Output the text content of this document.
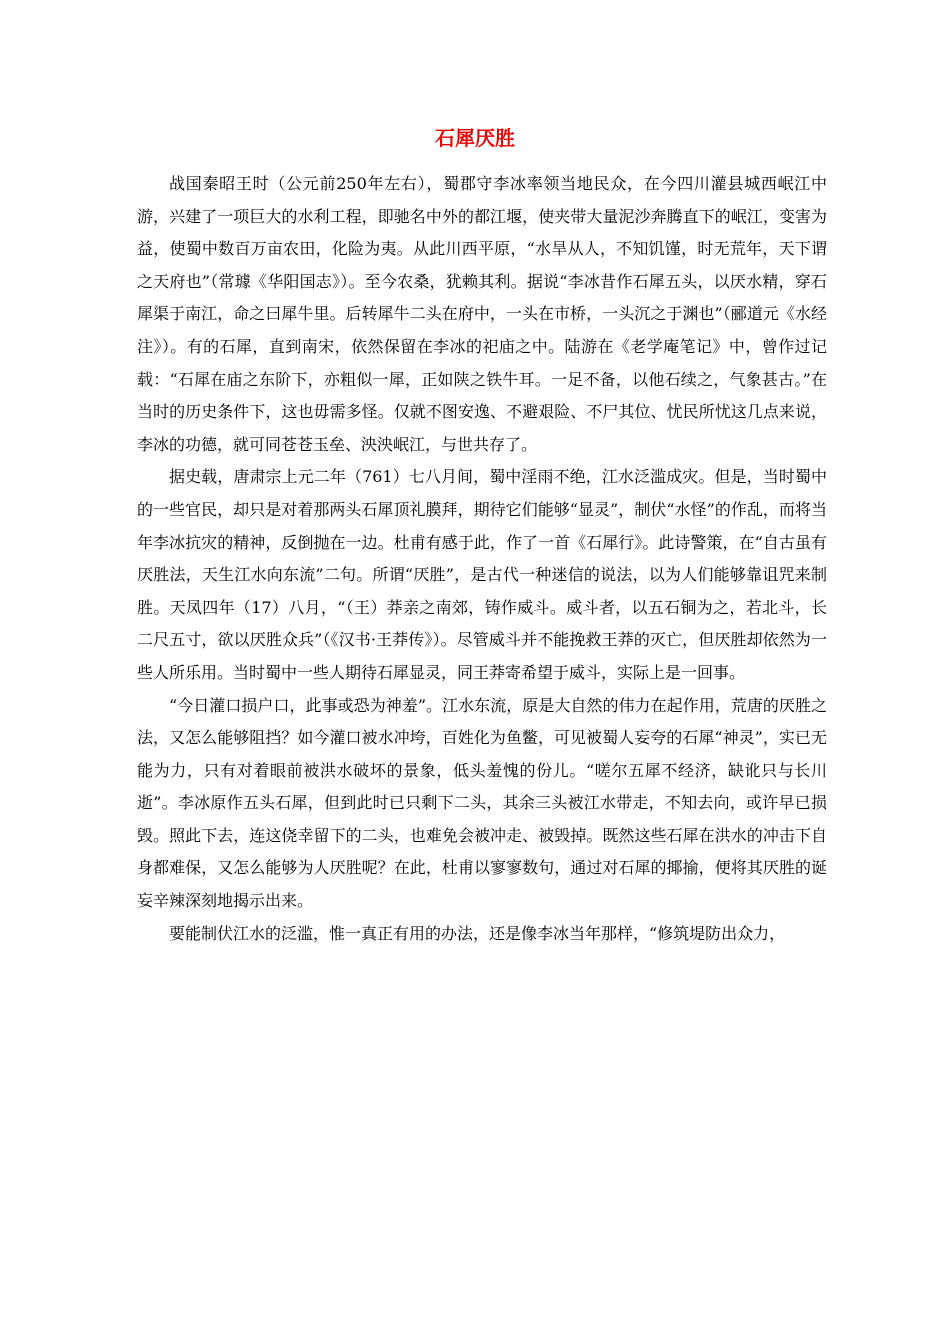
石犀厌胜

战国秦昭王时（公元前250年左右），蜀郡守李冰率领当地民众，在今四川灌县城西岷江中游，兴建了一项巨大的水利工程，即驰名中外的都江堰，使夹带大量泥沙奔腾直下的岷江，变害为益，使蜀中数百万亩农田，化险为夷。从此川西平原，“水旱从人，不知饥馑，时无荒年，天下谓之天府也”（常璩《华阳国志》）。至今农桑，犹赖其利。据说“李冰昔作石犀五头，以厌水精，穿石犀渠于南江，命之曰犀牛里。后转犀牛二头在府中，一头在市桥，一头沉之于渊也”（郦道元《水经注》）。有的石犀，直到南宋，依然保留在李冰的祀庙之中。陆游在《老学庵笔记》中，曾作过记载：“石犀在庙之东阶下，亦粗似一犀，正如陕之铁牛耳。一足不备，以他石续之，气象甚古。”在当时的历史条件下，这也毋需多怪。仅就不图安逸、不避艰险、不尸其位、忧民所忧这几点来说，李冰的功德，就可同苍苍玉垒、泱泱岷江，与世共存了。

据史载，唐肃宗上元二年（761）七八月间，蜀中淫雨不绝，江水泛滥成灾。但是，当时蜀中的一些官民，却只是对着那两头石犀顶礼膜拜，期待它们能够“显灵”，制伏“水怪”的作乱，而将当年李冰抗灾的精神，反倒抛在一边。杜甫有感于此，作了一首《石犀行》。此诗警策，在“自古虽有厌胜法，天生江水向东流”二句。所谓“厌胜”，是古代一种迷信的说法，以为人们能够靠诅咒来制胜。天凤四年（17）八月，“（王）莽亲之南郊，铸作威斗。威斗者，以五石铜为之，若北斗，长二尺五寸，欲以厌胜众兵”（《汉书·王莽传》）。尽管威斗并不能挽救王莽的灭亡，但厌胜却依然为一些人所乐用。当时蜀中一些人期待石犀显灵，同王莽寄希望于威斗，实际上是一回事。

“今日灌口损户口，此事或恐为神羞”。江水东流，原是大自然的伟力在起作用，荒唐的厌胜之法，又怎么能够阻挡？如今灌口被水冲垮，百姓化为鱼鳖，可见被蜀人妄夸的石犀“神灵”，实已无能为力，只有对着眼前被洪水破坏的景象，低头羞愧的份儿。“嗟尔五犀不经济，缺讹只与长川逝”。李冰原作五头石犀，但到此时已只剩下二头，其余三头被江水带走，不知去向，或许早已损毁。照此下去，连这侥幸留下的二头，也难免会被冲走、被毁掉。既然这些石犀在洪水的冲击下自身都难保，又怎么能够为人厌胜呢？在此，杜甫以寥寥数句，通过对石犀的揶揄，便将其厌胜的诞妄辛辣深刻地揭示出来。

要能制伏江水的泛滥，惟一真正有用的办法，还是像李冰当年那样，“修筑堤防出众力，
